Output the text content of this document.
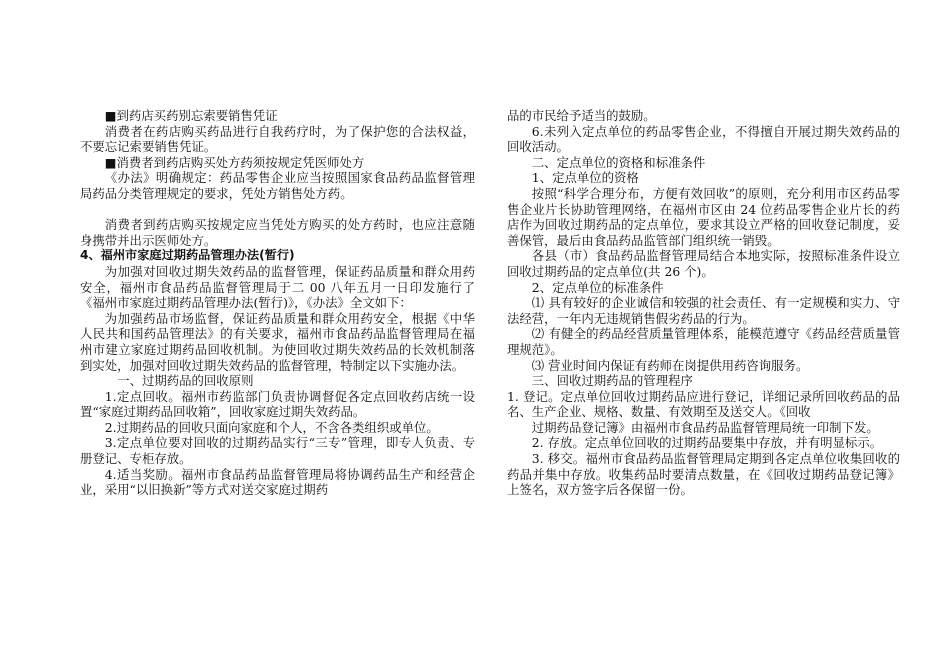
■到药店买药别忘索要销售凭证

消费者在药店购买药品进行自我药疗时，为了保护您的合法权益，不要忘记索要销售凭证。

■消费者到药店购买处方药须按规定凭医师处方

《办法》明确规定：药品零售企业应当按照国家食品药品监督管理局药品分类管理规定的要求，凭处方销售处方药。

消费者到药店购买按规定应当凭处方购买的处方药时，也应注意随身携带并出示医师处方。

4、福州市家庭过期药品管理办法(暂行)

为加强对回收过期失效药品的监督管理，保证药品质量和群众用药安全，福州市食品药品监督管理局于二 00 八年五月一日印发施行了《福州市家庭过期药品管理办法(暂行)》，《办法》全文如下：

为加强药品市场监督，保证药品质量和群众用药安全，根据《中华人民共和国药品管理法》的有关要求，福州市食品药品监督管理局在福州市建立家庭过期药品回收机制。为使回收过期失效药品的长效机制落到实处，加强对回收过期失效药品的监督管理，特制定以下实施办法。

一、过期药品的回收原则

1.定点回收。福州市药监部门负责协调督促各定点回收药店统一设置“家庭过期药品回收箱”，回收家庭过期失效药品。

2.过期药品的回收只面向家庭和个人，不含各类组织或单位。

3.定点单位要对回收的过期药品实行“三专”管理，即专人负责、专册登记、专柜存放。

4.适当奖励。福州市食品药品监督管理局将协调药品生产和经营企业，采用“以旧换新”等方式对送交家庭过期药

品的市民给予适当的鼓励。

6.未列入定点单位的药品零售企业，不得擅自开展过期失效药品的回收活动。

二、定点单位的资格和标准条件

1、定点单位的资格

按照“科学合理分布，方便有效回收”的原则，充分利用市区药品零售企业片长协助管理网络，在福州市区由 24 位药品零售企业片长的药店作为回收过期药品的定点单位，要求其设立严格的回收登记制度，妥善保管，最后由食品药品监管部门组织统一销毁。

各县（市）食品药品监督管理局结合本地实际，按照标准条件设立回收过期药品的定点单位(共 26 个)。

2、定点单位的标准条件

⑴ 具有较好的企业诚信和较强的社会责任、有一定规模和实力、守法经营，一年内无违规销售假劣药品的行为。

⑵ 有健全的药品经营质量管理体系，能模范遵守《药品经营质量管理规范》。

⑶ 营业时间内保证有药师在岗提供用药咨询服务。

三、回收过期药品的管理程序

1. 登记。定点单位回收过期药品应进行登记，详细记录所回收药品的品名、生产企业、规格、数量、有效期至及送交人。《回收

过期药品登记簿》由福州市食品药品监督管理局统一印制下发。

2. 存放。定点单位回收的过期药品要集中存放，并有明显标示。

3. 移交。福州市食品药品监督管理局定期到各定点单位收集回收的药品并集中存放。收集药品时要清点数量，在《回收过期药品登记簿》上签名，双方签字后各保留一份。
